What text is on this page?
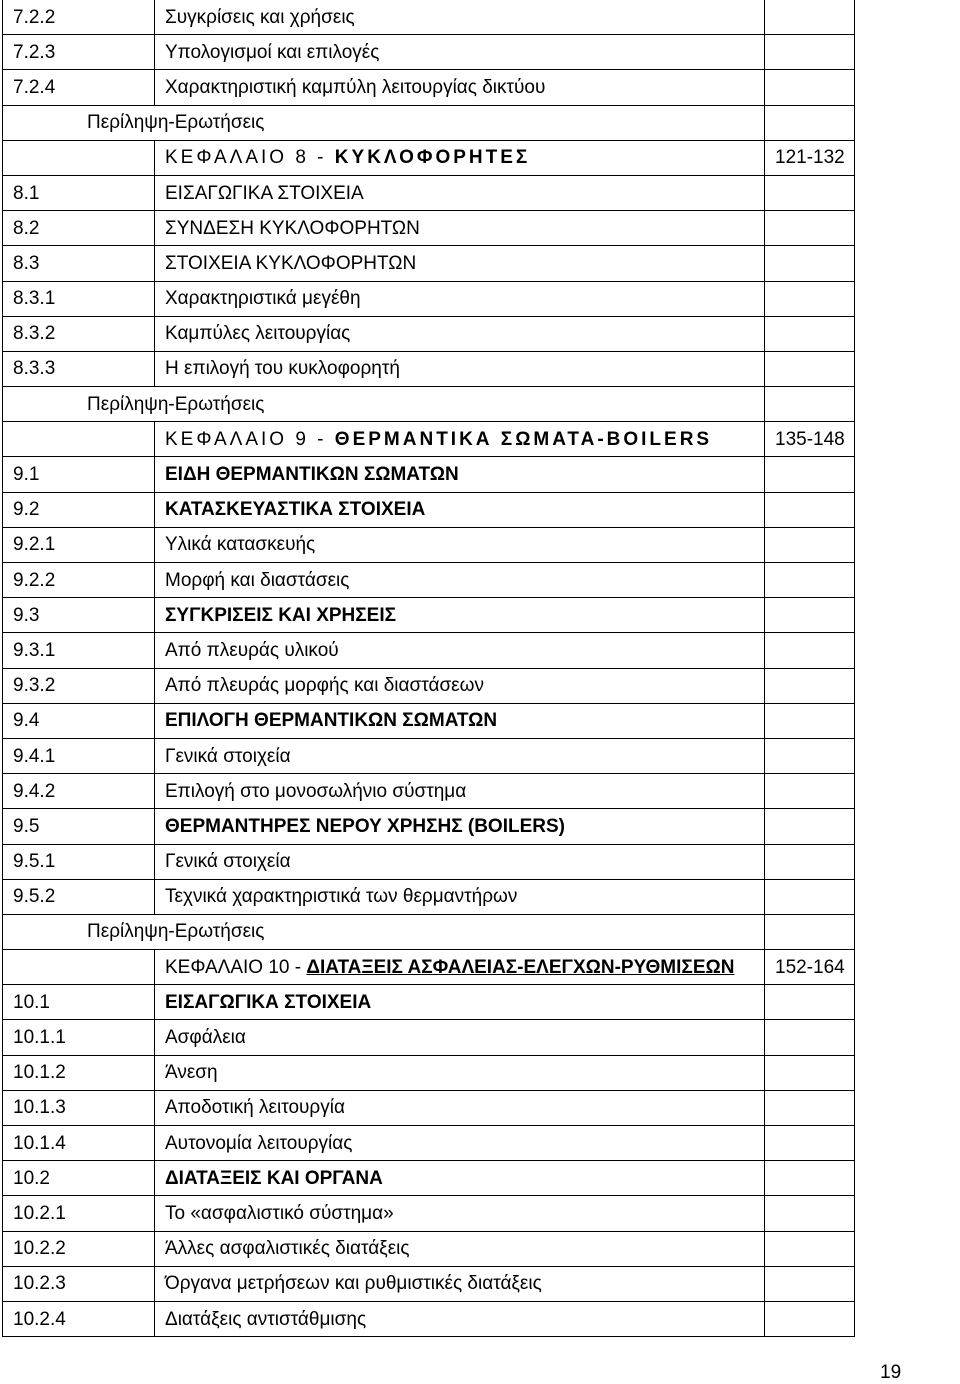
7.2.2	Συγκρίσεις και χρήσεις	
7.2.3	Υπολογισμοί και επιλογές	
7.2.4	Χαρακτηριστική καμπύλη λειτουργίας δικτύου	
Περίληψη-Ερωτήσεις		
	ΚΕΦΑΛΑΙΟ 8 - ΚΥΚΛΟΦΟΡΗΤΕΣ	121-132
8.1	ΕΙΣΑΓΩΓΙΚΑ ΣΤΟΙΧΕΙΑ	
8.2	ΣΥΝΔΕΣΗ ΚΥΚΛΟΦΟΡΗΤΩΝ	
8.3	ΣΤΟΙΧΕΙΑ ΚΥΚΛΟΦΟΡΗΤΩΝ	
8.3.1	Χαρακτηριστικά μεγέθη	
8.3.2	Καμπύλες λειτουργίας	
8.3.3	Η επιλογή του κυκλοφορητή	
Περίληψη-Ερωτήσεις		
	ΚΕΦΑΛΑΙΟ 9 - ΘΕΡΜΑΝΤΙΚΑ ΣΩΜΑΤΑ-BOILERS	135-148
9.1	ΕΙΔΗ ΘΕΡΜΑΝΤΙΚΩΝ ΣΩΜΑΤΩΝ	
9.2	ΚΑΤΑΣΚΕΥΑΣΤΙΚΑ ΣΤΟΙΧΕΙΑ	
9.2.1	Υλικά κατασκευής	
9.2.2	Μορφή και διαστάσεις	
9.3	ΣΥΓΚΡΙΣΕΙΣ ΚΑΙ ΧΡΗΣΕΙΣ	
9.3.1	Από πλευράς υλικού	
9.3.2	Από πλευράς μορφής και διαστάσεων	
9.4	ΕΠΙΛΟΓΗ ΘΕΡΜΑΝΤΙΚΩΝ ΣΩΜΑΤΩΝ	
9.4.1	Γενικά στοιχεία	
9.4.2	Επιλογή στο μονοσωλήνιο σύστημα	
9.5	ΘΕΡΜΑΝΤΗΡΕΣ ΝΕΡΟΥ ΧΡΗΣΗΣ (BOILERS)	
9.5.1	Γενικά στοιχεία	
9.5.2	Τεχνικά χαρακτηριστικά των θερμαντήρων	
Περίληψη-Ερωτήσεις		
	ΚΕΦΑΛΑΙΟ 10 - ΔΙΑΤΑΞΕΙΣ ΑΣΦΑΛΕΙΑΣ-ΕΛΕΓΧΩΝ-ΡΥΘΜΙΣΕΩΝ	152-164
10.1	ΕΙΣΑΓΩΓΙΚΑ ΣΤΟΙΧΕΙΑ	
10.1.1	Ασφάλεια	
10.1.2	Άνεση	
10.1.3	Αποδοτική λειτουργία	
10.1.4	Αυτονομία λειτουργίας	
10.2	ΔΙΑΤΑΞΕΙΣ ΚΑΙ ΟΡΓΑΝΑ	
10.2.1	Το «ασφαλιστικό σύστημα»	
10.2.2	Άλλες ασφαλιστικές διατάξεις	
10.2.3	Όργανα μετρήσεων και ρυθμιστικές διατάξεις	
10.2.4	Διατάξεις αντιστάθμισης	
19
